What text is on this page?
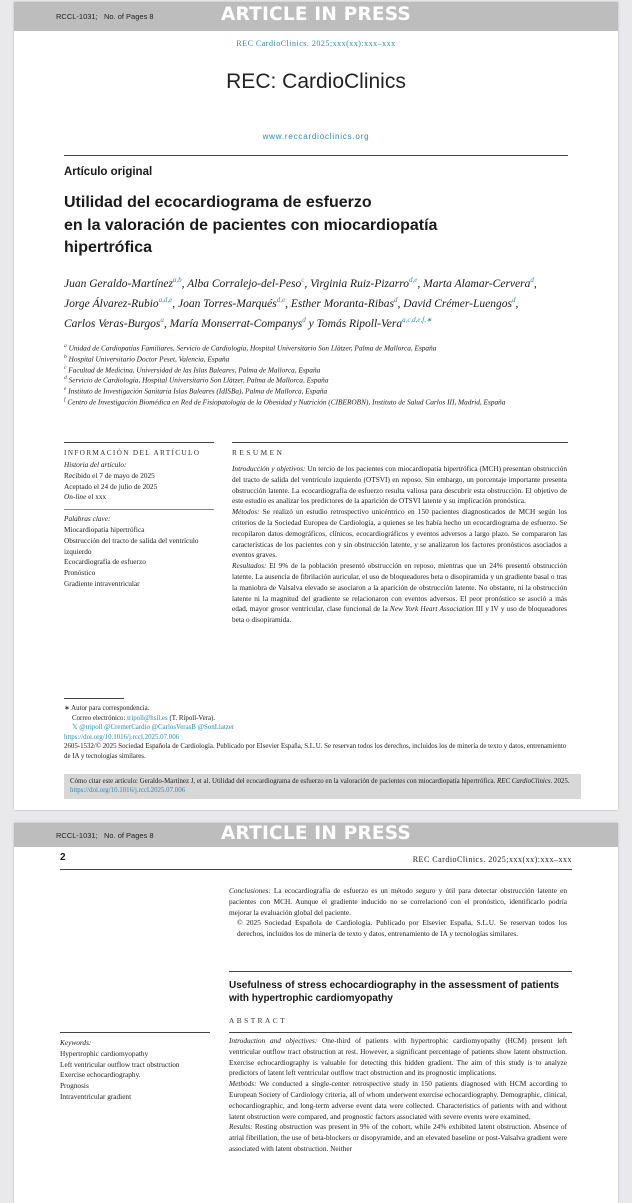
RCCL-1031; No. of Pages 8	ARTICLE IN PRESS
REC CardioClinics. 2025;xxx(xx):xxx–xxx
REC: CardioClinics
www.reccardioclinics.org
Artículo original
Utilidad del ecocardiograma de esfuerzo
en la valoración de pacientes con miocardiopatía
hipertrófica
Juan Geraldo-Martínez$^{a,b}$, Alba Corralejo-del-Peso$^c$, Virginia Ruiz-Pizarro$^{d,e}$, Marta Alamar-Cervera$^d$, Jorge Álvarez-Rubio$^{a,d,e}$, Joan Torres-Marqués$^{d,e}$, Esther Moranta-Ribas$^d$, David Crémer-Luengos$^d$, Carlos Veras-Burgos$^a$, María Monserrat-Companys$^d$ y Tomás Ripoll-Vera$^{a,c,d,e,f,∗}$
$^a$ Unidad de Cardiopatías Familiares, Servicio de Cardiología, Hospital Universitario Son Llàtzer, Palma de Mallorca, España
$^b$ Hospital Universitario Doctor Peset, Valencia, España
$^c$ Facultad de Medicina, Universidad de las Islas Baleares, Palma de Mallorca, España
$^d$ Servicio de Cardiología, Hospital Universitario Son Llàtzer, Palma de Mallorca, España
$^e$ Instituto de Investigación Sanitaria Islas Baleares (IdISBa), Palma de Mallorca, España
$^f$ Centro de Investigación Biomédica en Red de Fisiopatología de la Obesidad y Nutrición (CIBEROBN), Instituto de Salud Carlos III, Madrid, España
INFORMACIÓN DEL ARTÍCULO	RESUMEN
Historia del artículo:
Recibido el 7 de mayo de 2025
Aceptado el 24 de julio de 2025
On-line el xxx
Palabras clave:
Miocardiopatía hipertrófica
Obstrucción del tracto de salida del ventrículo izquierdo
Ecocardiografía de esfuerzo
Pronóstico
Gradiente intraventricular

Introducción y objetivos: Un tercio de los pacientes con miocardiopatía hipertrófica (MCH) presentan obstrucción del tracto de salida del ventrículo izquierdo (OTSVI) en reposo. Sin embargo, un porcentaje importante presenta obstrucción latente. La ecocardiografía de esfuerzo resulta valiosa para descubrir esta obstrucción. El objetivo de este estudio es analizar los predictores de la aparición de OTSVI latente y su implicación pronóstica.

Métodos: Se realizó un estudio retrospectivo unicéntrico en 150 pacientes diagnosticados de MCH según los criterios de la Sociedad Europea de Cardiología, a quienes se les había hecho un ecocardiograma de esfuerzo. Se recopilaron datos demográficos, clínicos, ecocardiográficos y eventos adversos a largo plazo. Se compararon las características de los pacientes con y sin obstrucción latente, y se analizaron los factores pronósticos asociados a eventos graves.

Resultados: El 9% de la población presentó obstrucción en reposo, mientras que un 24% presentó obstrucción latente. La ausencia de fibrilación auricular, el uso de bloqueadores beta o disopiramida y un gradiente basal o tras la maniobra de Valsalva elevado se asociaron a la aparición de obstrucción latente. No obstante, ni la obstrucción latente ni la magnitud del gradiente se relacionaron con eventos adversos. El peor pronóstico se asoció a más edad, mayor grosor ventricular, clase funcional de la New York Heart Association III y IV y uso de bloqueadores beta o disopiramida.

∗ Autor para correspondencia.
Correo electrónico: tripoll@hsll.es (T. Ripoll-Vera).
𝕏 @tripoll @CremerCardio @CarlosVerasB @SonLlatzer
https://doi.org/10.1016/j.rccl.2025.07.006
2605-1532/© 2025 Sociedad Española de Cardiología. Publicado por Elsevier España, S.L.U. Se reservan todos los derechos, incluidos los de minería de texto y datos, entrenamiento de IA y tecnologías similares.
Cómo citar este artículo: Geraldo-Martínez J, et al. Utilidad del ecocardiograma de esfuerzo en la valoración de pacientes con miocardiopatía hipertrófica. REC CardioClinics. 2025. https://doi.org/10.1016/j.rccl.2025.07.006
RCCL-1031; No. of Pages 8	ARTICLE IN PRESS
2	REC CardioClinics. 2025;xxx(xx):xxx–xxx

Conclusiones: La ecocardiografía de esfuerzo es un método seguro y útil para detectar obstrucción latente en pacientes con MCH. Aunque el gradiente inducido no se correlacionó con el pronóstico, identificarlo podría mejorar la evaluación global del paciente.

© 2025 Sociedad Española de Cardiología. Publicado por Elsevier España, S.L.U. Se reservan todos los derechos, incluidos los de minería de texto y datos, entrenamiento de IA y tecnologías similares.

Usefulness of stress echocardiography in the assessment of patients with hypertrophic cardiomyopathy
ABSTRACT
Keywords:
Hypertrophic cardiomyopathy
Left ventricular outflow tract obstruction
Exercise echocardiography.
Prognosis
Intraventricular gradient

Introduction and objectives: One-third of patients with hypertrophic cardiomyopathy (HCM) present left ventricular outflow tract obstruction at rest. However, a significant percentage of patients show latent obstruction. Exercise echocardiography is valuable for detecting this hidden gradient. The aim of this study is to analyze predictors of latent left ventricular outflow tract obstruction and its prognostic implications.

Methods: We conducted a single-center retrospective study in 150 patients diagnosed with HCM according to European Society of Cardiology criteria, all of whom underwent exercise echocardiography. Demographic, clinical, echocardiographic, and long-term adverse event data were collected. Characteristics of patients with and without latent obstruction were compared, and prognostic factors associated with severe events were examined.

Results: Resting obstruction was present in 9% of the cohort, while 24% exhibited latent obstruction. Absence of atrial fibrillation, the use of beta-blockers or disopyramide, and an elevated baseline or post-Valsalva gradient were associated with latent obstruction. Neither
